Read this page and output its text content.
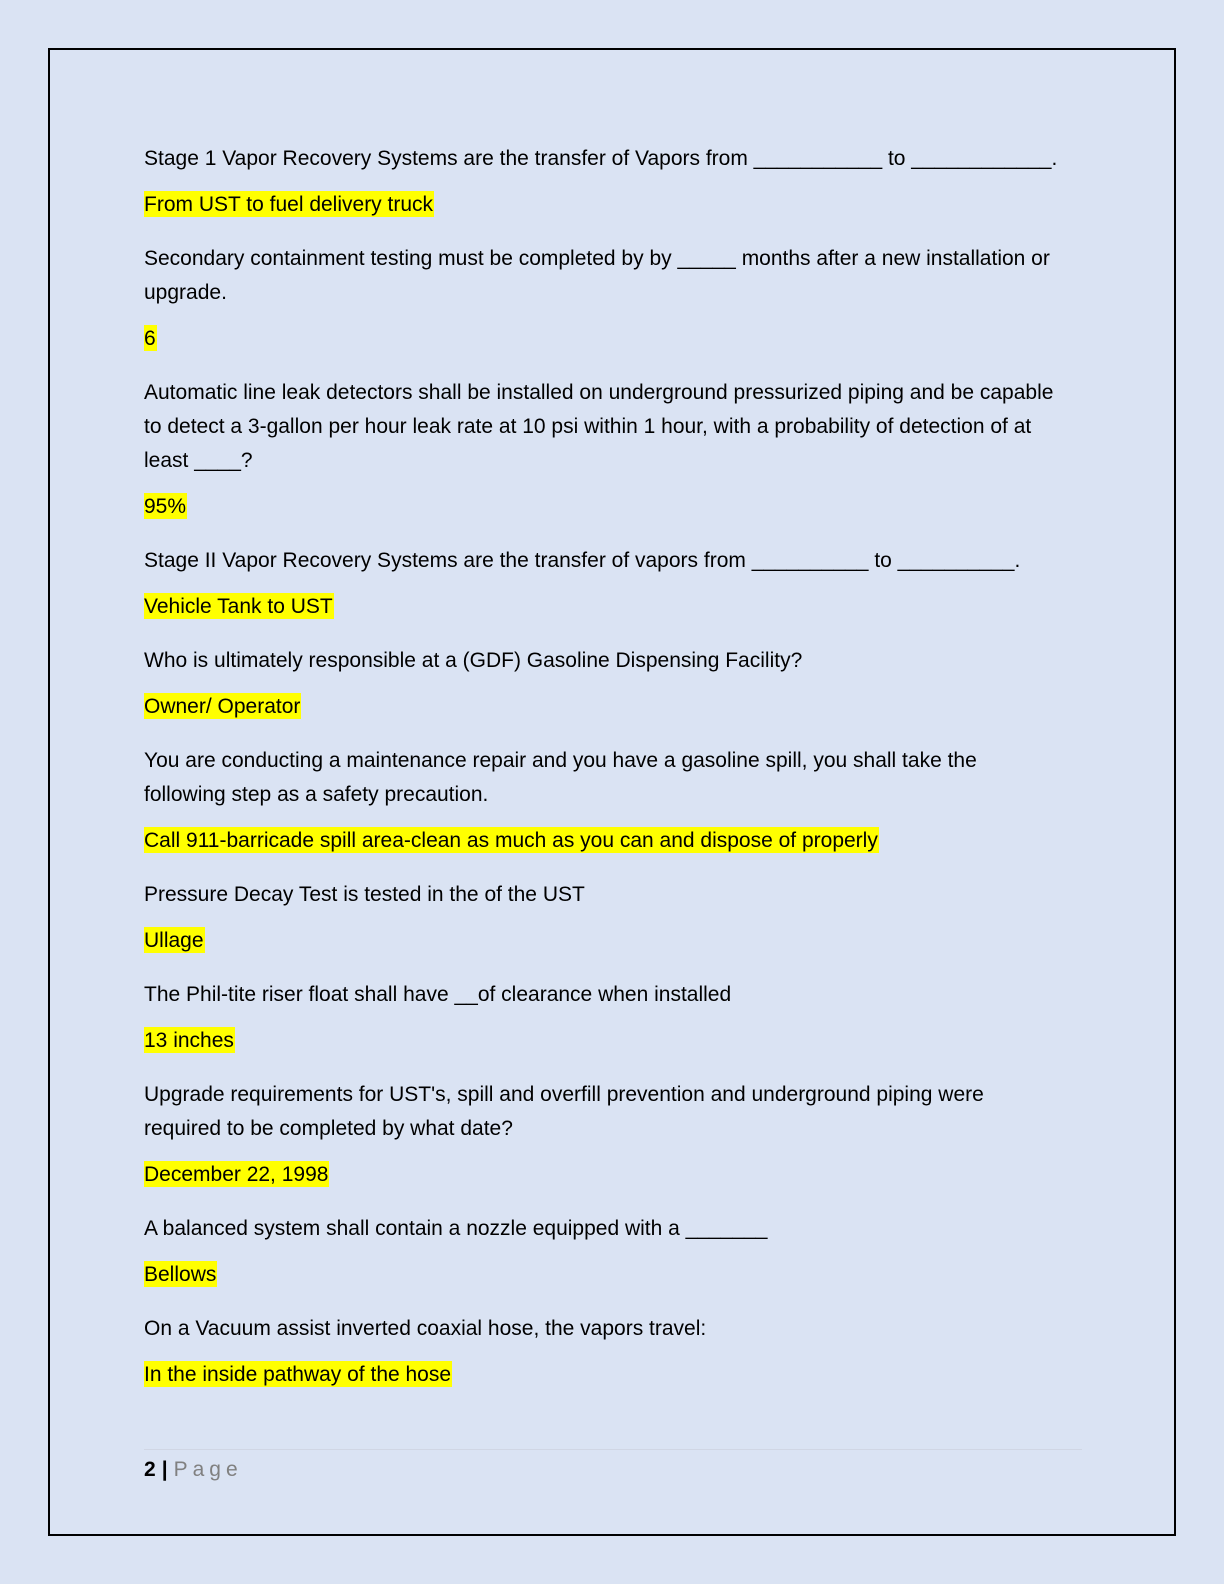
Stage 1 Vapor Recovery Systems are the transfer of Vapors from ___________ to ____________.

From UST to fuel delivery truck

Secondary containment testing must be completed by by _____ months after a new installation or upgrade.

6

Automatic line leak detectors shall be installed on underground pressurized piping and be capable to detect a 3-gallon per hour leak rate at 10 psi within 1 hour, with a probability of detection of at least ____?

95%

Stage II Vapor Recovery Systems are the transfer of vapors from __________ to __________.

Vehicle Tank to UST

Who is ultimately responsible at a (GDF) Gasoline Dispensing Facility?

Owner/ Operator

You are conducting a maintenance repair and you have a gasoline spill, you shall take the following step as a safety precaution.

Call 911-barricade spill area-clean as much as you can and dispose of properly

Pressure Decay Test is tested in the of the UST

Ullage

The Phil-tite riser float shall have __of clearance when installed

13 inches

Upgrade requirements for UST's, spill and overfill prevention and underground piping were required to be completed by what date?

December 22, 1998

A balanced system shall contain a nozzle equipped with a _______

Bellows

On a Vacuum assist inverted coaxial hose, the vapors travel:

In the inside pathway of the hose

2 | Page
